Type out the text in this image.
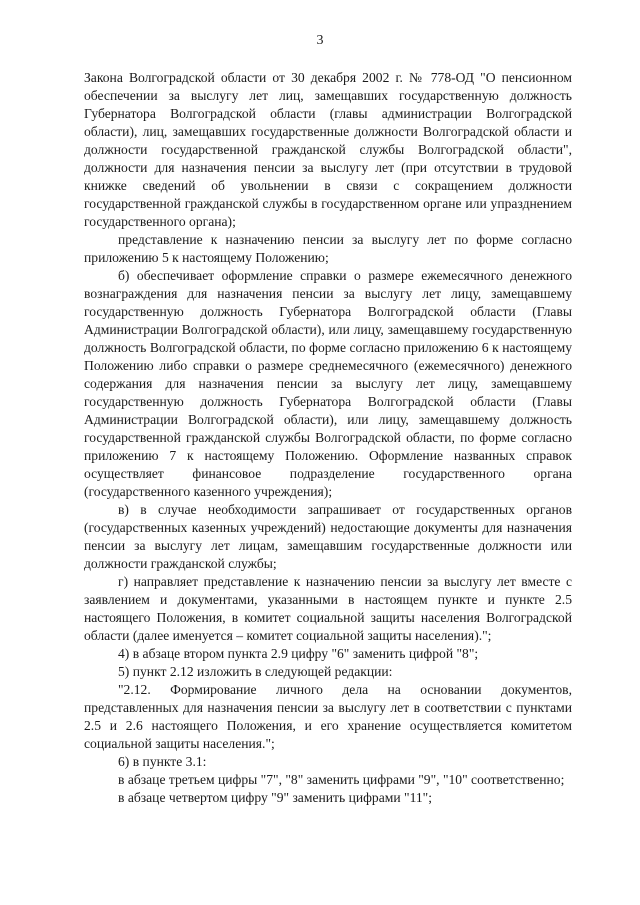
3

Закона Волгоградской области от 30 декабря 2002 г. № 778-ОД "О пенсионном обеспечении за выслугу лет лиц, замещавших государственную должность Губернатора Волгоградской области (главы администрации Волгоградской области), лиц, замещавших государственные должности Волгоградской области и должности государственной гражданской службы Волгоградской области", должности для назначения пенсии за выслугу лет (при отсутствии в трудовой книжке сведений об увольнении в связи с сокращением должности государственной гражданской службы в государственном органе или упразднением государственного органа);

представление к назначению пенсии за выслугу лет по форме согласно приложению 5 к настоящему Положению;

б) обеспечивает оформление справки о размере ежемесячного денежного вознаграждения для назначения пенсии за выслугу лет лицу, замещавшему государственную должность Губернатора Волгоградской области (Главы Администрации Волгоградской области), или лицу, замещавшему государственную должность Волгоградской области, по форме согласно приложению 6 к настоящему Положению либо справки о размере среднемесячного (ежемесячного) денежного содержания для назначения пенсии за выслугу лет лицу, замещавшему государственную должность Губернатора Волгоградской области (Главы Администрации Волгоградской области), или лицу, замещавшему должность государственной гражданской службы Волгоградской области, по форме согласно приложению 7 к настоящему Положению. Оформление названных справок осуществляет финансовое подразделение государственного органа (государственного казенного учреждения);

в) в случае необходимости запрашивает от государственных органов (государственных казенных учреждений) недостающие документы для назначения пенсии за выслугу лет лицам, замещавшим государственные должности или должности гражданской службы;

г) направляет представление к назначению пенсии за выслугу лет вместе с заявлением и документами, указанными в настоящем пункте и пункте 2.5 настоящего Положения, в комитет социальной защиты населения Волгоградской области (далее именуется – комитет социальной защиты населения).";

4) в абзаце втором пункта 2.9 цифру "6" заменить цифрой "8";

5) пункт 2.12 изложить в следующей редакции:

"2.12. Формирование личного дела на основании документов, представленных для назначения пенсии за выслугу лет в соответствии с пунктами 2.5 и 2.6 настоящего Положения, и его хранение осуществляется комитетом социальной защиты населения.";

6) в пункте 3.1:

в абзаце третьем цифры "7", "8" заменить цифрами "9", "10" соответственно;

в абзаце четвертом цифру "9" заменить цифрами "11";
